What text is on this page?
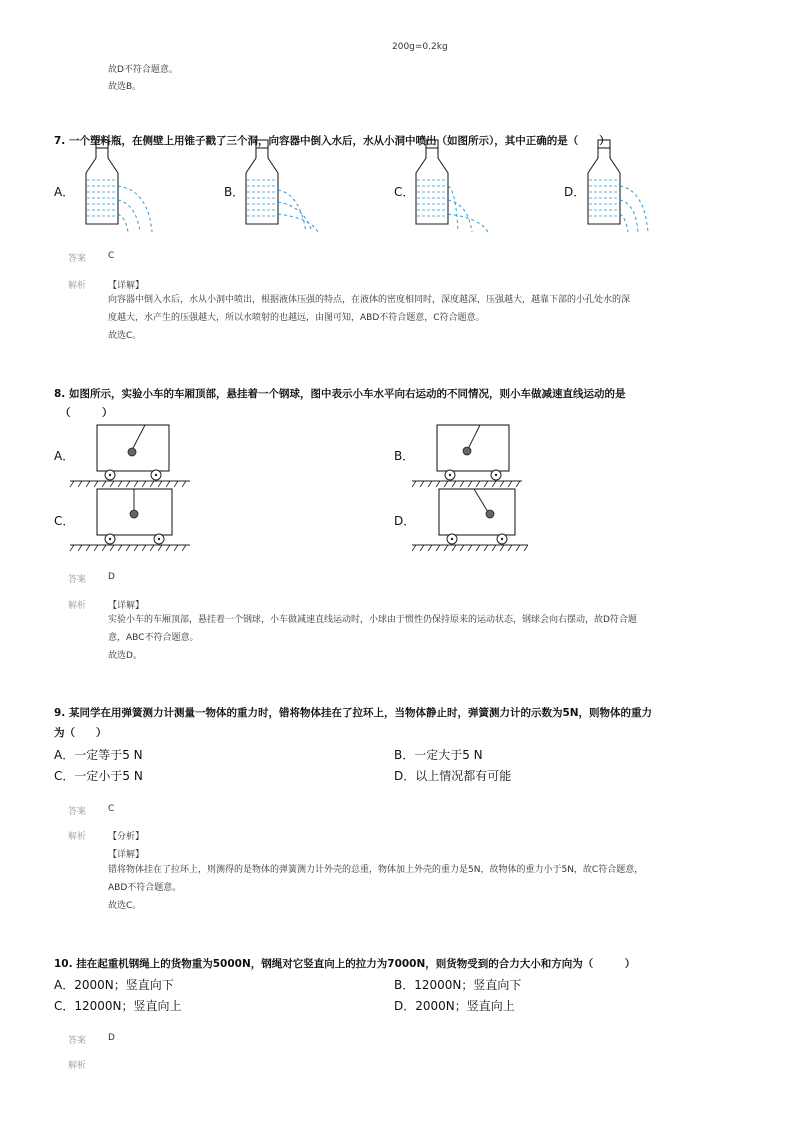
200g=0.2kg
故D不符合题意。
故选B。
7. 一个塑料瓶，在侧壁上用锥子戳了三个洞，向容器中倒入水后，水从小洞中喷出（如图所示），其中正确的是（　　）
A．	B．	C．	D．
答案 C
解析 【详解】
向容器中倒入水后，水从小洞中喷出，根据液体压强的特点，在液体的密度相同时，深度越深，压强越大，越靠下部的小孔处水的深
度越大，水产生的压强越大，所以水喷射的也越远，由图可知，ABD不符合题意，C符合题意。
故选C。
8. 如图所示，实验小车的车厢顶部，悬挂着一个钢球，图中表示小车水平向右运动的不同情况，则小车做减速直线运动的是
（　　　）
A．	B．
C．	D．
答案 D
解析 【详解】
实验小车的车厢顶部，悬挂着一个钢球，小车做减速直线运动时，小球由于惯性仍保持原来的运动状态，钢球会向右摆动，故D符合题
意，ABC不符合题意。
故选D。
9. 某同学在用弹簧测力计测量一物体的重力时，错将物体挂在了拉环上，当物体静止时，弹簧测力计的示数为5N，则物体的重力
为（　　）
A．一定等于5 N	B．一定大于5 N
C．一定小于5 N	D．以上情况都有可能
答案 C
解析 【分析】
【详解】
错将物体挂在了拉环上，则测得的是物体的弹簧测力计外壳的总重，物体加上外壳的重力是5N，故物体的重力小于5N，故C符合题意，
ABD不符合题意。
故选C。
10. 挂在起重机钢绳上的货物重为5000N，钢绳对它竖直向上的拉力为7000N，则货物受到的合力大小和方向为（　　　）
A．2000N；竖直向下	B．12000N；竖直向下
C．12000N；竖直向上	D．2000N；竖直向上
答案 D
解析
